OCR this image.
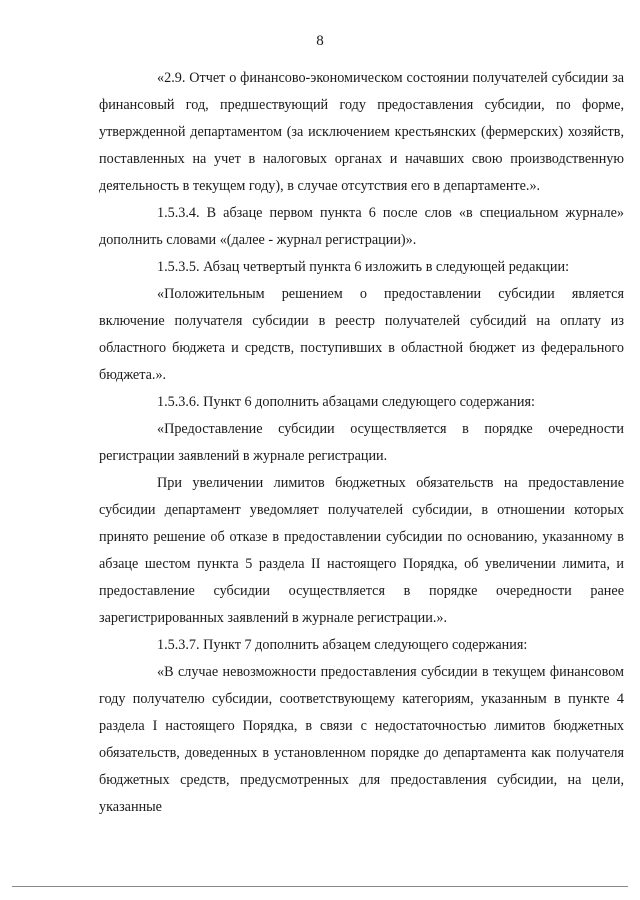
8

«2.9. Отчет о финансово-экономическом состоянии получателей субсидии за финансовый год, предшествующий году предоставления субсидии, по форме, утвержденной департаментом (за исключением крестьянских (фермерских) хозяйств, поставленных на учет в налоговых органах и начавших свою производственную деятельность в текущем году), в случае отсутствия его в департаменте.».

1.5.3.4. В абзаце первом пункта 6 после слов «в специальном журнале» дополнить словами «(далее - журнал регистрации)».

1.5.3.5. Абзац четвертый пункта 6 изложить в следующей редакции:

«Положительным решением о предоставлении субсидии является включение получателя субсидии в реестр получателей субсидий на оплату из областного бюджета и средств, поступивших в областной бюджет из федерального бюджета.».

1.5.3.6. Пункт 6 дополнить абзацами следующего содержания:

«Предоставление субсидии осуществляется в порядке очередности регистрации заявлений в журнале регистрации.

При увеличении лимитов бюджетных обязательств на предоставление субсидии департамент уведомляет получателей субсидии, в отношении которых принято решение об отказе в предоставлении субсидии по основанию, указанному в абзаце шестом пункта 5 раздела II настоящего Порядка, об увеличении лимита, и предоставление субсидии осуществляется в порядке очередности ранее зарегистрированных заявлений в журнале регистрации.».

1.5.3.7. Пункт 7 дополнить абзацем следующего содержания:

«В случае невозможности предоставления субсидии в текущем финансовом году получателю субсидии, соответствующему категориям, указанным в пункте 4 раздела I настоящего Порядка, в связи с недостаточностью лимитов бюджетных обязательств, доведенных в установленном порядке до департамента как получателя бюджетных средств, предусмотренных для предоставления субсидии, на цели, указанные
